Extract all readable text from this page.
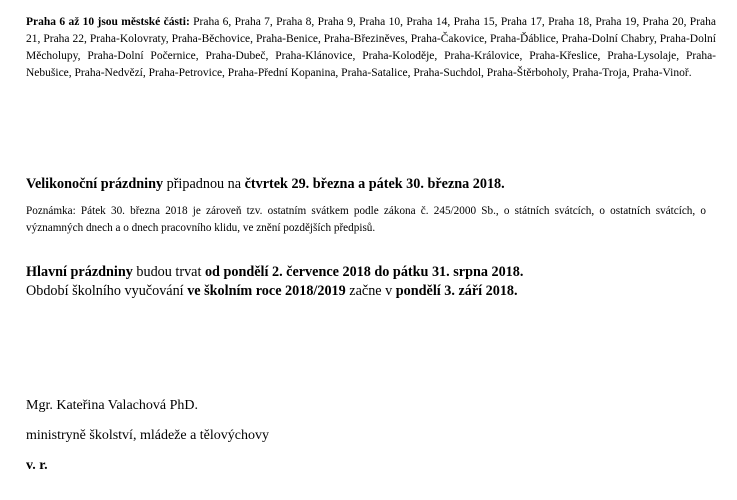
Praha 6 až 10 jsou městské části: Praha 6, Praha 7, Praha 8, Praha 9, Praha 10, Praha 14, Praha 15, Praha 17, Praha 18, Praha 19, Praha 20, Praha 21, Praha 22, Praha-Kolovraty, Praha-Běchovice, Praha-Benice, Praha-Březiněves, Praha-Čakovice, Praha-Ďáblice, Praha-Dolní Chabry, Praha-Dolní Měcholupy, Praha-Dolní Počernice, Praha-Dubeč, Praha-Klánovice, Praha-Koloděje, Praha-Královice, Praha-Křeslice, Praha-Lysolaje, Praha-Nebušice, Praha-Nedvězí, Praha-Petrovice, Praha-Přední Kopanina, Praha-Satalice, Praha-Suchdol, Praha-Štěrboholy, Praha-Troja, Praha-Vinoř.
Velikonoční prázdniny připadnou na čtvrtek 29. března a pátek 30. března 2018.
Poznámka: Pátek 30. března 2018 je zároveň tzv. ostatním svátkem podle zákona č. 245/2000 Sb., o státních svátcích, o ostatních svátcích, o významných dnech a o dnech pracovního klidu, ve znění pozdějších předpisů.
Hlavní prázdniny budou trvat od pondělí 2. července 2018 do pátku 31. srpna 2018.
Období školního vyučování ve školním roce 2018/2019 začne v pondělí 3. září 2018.
Mgr. Kateřina Valachová PhD.
ministryně školství, mládeže a tělovýchovy
v. r.
